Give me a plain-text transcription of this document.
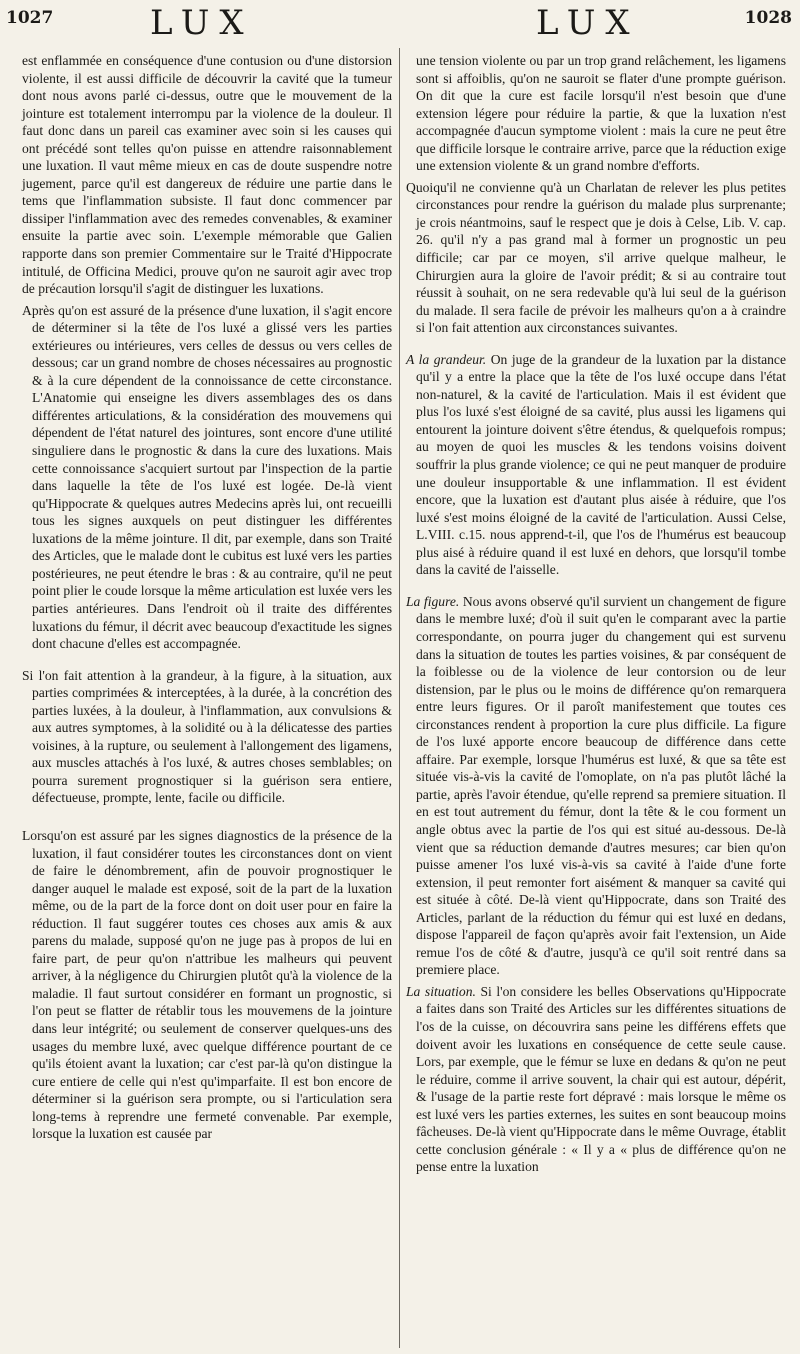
1027	LUX	LUX	1028

est enflammée en conséquence d'une contusion ou d'une distorsion violente, il est aussi difficile de découvrir la cavité que la tumeur dont nous avons parlé ci-dessus, outre que le mouvement de la jointure est totalement interrompu par la violence de la douleur. Il faut donc dans un pareil cas examiner avec soin si les causes qui ont précédé sont telles qu'on puisse en attendre raisonnablement une luxation. Il vaut même mieux en cas de doute suspendre notre jugement, parce qu'il est dangereux de réduire une partie dans le tems que l'inflammation subsiste. Il faut donc commencer par dissiper l'inflammation avec des remedes convenables, & examiner ensuite la partie avec soin. L'exemple mémorable que Galien rapporte dans son premier Commentaire sur le Traité d'Hippocrate intitulé, de Officina Medici, prouve qu'on ne sauroit agir avec trop de précaution lorsqu'il s'agit de distinguer les luxations.

Après qu'on est assuré de la présence d'une luxation, il s'agit encore de déterminer si la tête de l'os luxé a glissé vers les parties extérieures ou intérieures, vers celles de dessus ou vers celles de dessous; car un grand nombre de choses nécessaires au prognostic & à la cure dépendent de la connoissance de cette circonstance. L'Anatomie qui enseigne les divers assemblages des os dans différentes articulations, & la considération des mouvemens qui dépendent de l'état naturel des jointures, sont encore d'une utilité singuliere dans le prognostic & dans la cure des luxations. Mais cette connoissance s'acquiert surtout par l'inspection de la partie dans laquelle la tête de l'os luxé est logée. De-là vient qu'Hippocrate & quelques autres Medecins après lui, ont recueilli tous les signes auxquels on peut distinguer les différentes luxations de la même jointure. Il dit, par exemple, dans son Traité des Articles, que le malade dont le cubitus est luxé vers les parties postérieures, ne peut étendre le bras : & au contraire, qu'il ne peut point plier le coude lorsque la même articulation est luxée vers les parties antérieures. Dans l'endroit où il traite des différentes luxations du fémur, il décrit avec beaucoup d'exactitude les signes dont chacune d'elles est accompagnée.

Si l'on fait attention à la grandeur, à la figure, à la situation, aux parties comprimées & interceptées, à la durée, à la concrétion des parties luxées, à la douleur, à l'inflammation, aux convulsions & aux autres symptomes, à la solidité ou à la délicatesse des parties voisines, à la rupture, ou seulement à l'allongement des ligamens, aux muscles attachés à l'os luxé, & autres choses semblables; on pourra surement prognostiquer si la guérison sera entiere, défectueuse, prompte, lente, facile ou difficile.

Lorsqu'on est assuré par les signes diagnostics de la présence de la luxation, il faut considérer toutes les circonstances dont on vient de faire le dénombrement, afin de pouvoir prognostiquer le danger auquel le malade est exposé, soit de la part de la luxation même, ou de la part de la force dont on doit user pour en faire la réduction. Il faut suggérer toutes ces choses aux amis & aux parens du malade, supposé qu'on ne juge pas à propos de lui en faire part, de peur qu'on n'attribue les malheurs qui peuvent arriver, à la négligence du Chirurgien plutôt qu'à la violence de la maladie. Il faut surtout considérer en formant un prognostic, si l'on peut se flatter de rétablir tous les mouvemens de la jointure dans leur intégrité; ou seulement de conserver quelques-uns des usages du membre luxé, avec quelque différence pourtant de ce qu'ils étoient avant la luxation; car c'est par-là qu'on distingue la cure entiere de celle qui n'est qu'imparfaite. Il est bon encore de déterminer si la guérison sera prompte, ou si l'articulation sera long-tems à reprendre une fermeté convenable. Par exemple, lorsque la luxation est causée par

une tension violente ou par un trop grand relâchement, les ligamens sont si affoiblis, qu'on ne sauroit se flater d'une prompte guérison. On dit que la cure est facile lorsqu'il n'est besoin que d'une extension légere pour réduire la partie, & que la luxation n'est accompagnée d'aucun symptome violent : mais la cure ne peut être que difficile lorsque le contraire arrive, parce que la réduction exige une extension violente & un grand nombre d'efforts.

Quoiqu'il ne convienne qu'à un Charlatan de relever les plus petites circonstances pour rendre la guérison du malade plus surprenante; je crois néantmoins, sauf le respect que je dois à Celse, Lib. V. cap. 26. qu'il n'y a pas grand mal à former un prognostic un peu difficile; car par ce moyen, s'il arrive quelque malheur, le Chirurgien aura la gloire de l'avoir prédit; & si au contraire tout réussit à souhait, on ne sera redevable qu'à lui seul de la guérison du malade. Il sera facile de prévoir les malheurs qu'on a à craindre si l'on fait attention aux circonstances suivantes.

A la grandeur. On juge de la grandeur de la luxation par la distance qu'il y a entre la place que la tête de l'os luxé occupe dans l'état non-naturel, & la cavité de l'articulation. Mais il est évident que plus l'os luxé s'est éloigné de sa cavité, plus aussi les ligamens qui entourent la jointure doivent s'être étendus, & quelquefois rompus; au moyen de quoi les muscles & les tendons voisins doivent souffrir la plus grande violence; ce qui ne peut manquer de produire une douleur insupportable & une inflammation. Il est évident encore, que la luxation est d'autant plus aisée à réduire, que l'os luxé s'est moins éloigné de la cavité de l'articulation. Aussi Celse, L.VIII. c.15. nous apprend-t-il, que l'os de l'humérus est beaucoup plus aisé à réduire quand il est luxé en dehors, que lorsqu'il tombe dans la cavité de l'aisselle.

La figure. Nous avons observé qu'il survient un changement de figure dans le membre luxé; d'où il suit qu'en le comparant avec la partie correspondante, on pourra juger du changement qui est survenu dans la situation de toutes les parties voisines, & par conséquent de la foiblesse ou de la violence de leur contorsion ou de leur distension, par le plus ou le moins de différence qu'on remarquera entre leurs figures. Or il paroît manifestement que toutes ces circonstances rendent à proportion la cure plus difficile. La figure de l'os luxé apporte encore beaucoup de différence dans cette affaire. Par exemple, lorsque l'humérus est luxé, & que sa tête est située vis-à-vis la cavité de l'omoplate, on n'a pas plutôt lâché la partie, après l'avoir étendue, qu'elle reprend sa premiere situation. Il en est tout autrement du fémur, dont la tête & le cou forment un angle obtus avec la partie de l'os qui est situé au-dessous. De-là vient que sa réduction demande d'autres mesures; car bien qu'on puisse amener l'os luxé vis-à-vis sa cavité à l'aide d'une forte extension, il peut remonter fort aisément & manquer sa cavité qui est située à côté. De-là vient qu'Hippocrate, dans son Traité des Articles, parlant de la réduction du fémur qui est luxé en dedans, dispose l'appareil de façon qu'après avoir fait l'extension, un Aide remue l'os de côté & d'autre, jusqu'à ce qu'il soit rentré dans sa premiere place.

La situation. Si l'on considere les belles Observations qu'Hippocrate a faites dans son Traité des Articles sur les différentes situations de l'os de la cuisse, on découvrira sans peine les différens effets que doivent avoir les luxations en conséquence de cette seule cause. Lors, par exemple, que le fémur se luxe en dedans & qu'on ne peut le réduire, comme il arrive souvent, la chair qui est autour, dépérit, & l'usage de la partie reste fort dépravé : mais lorsque le même os est luxé vers les parties externes, les suites en sont beaucoup moins fâcheuses. De-là vient qu'Hippocrate dans le même Ouvrage, établit cette conclusion générale : « Il y a « plus de différence qu'on ne pense entre la luxation
